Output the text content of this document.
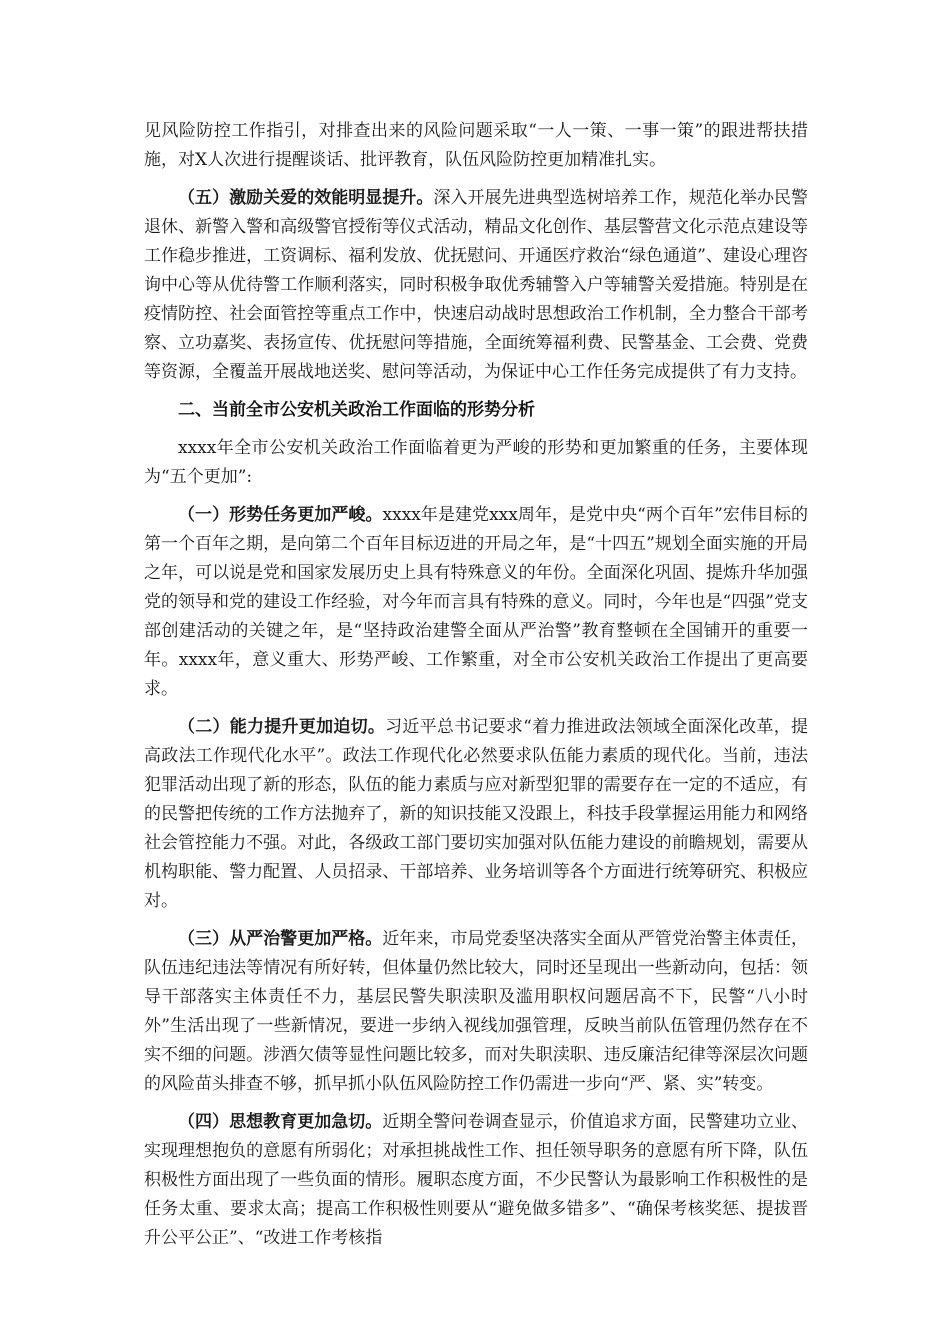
见风险防控工作指引，对排查出来的风险问题采取“一人一策、一事一策”的跟进帮扶措施，对X人次进行提醒谈话、批评教育，队伍风险防控更加精准扎实。

（五）激励关爱的效能明显提升。深入开展先进典型选树培养工作，规范化举办民警退休、新警入警和高级警官授衔等仪式活动，精品文化创作、基层警营文化示范点建设等工作稳步推进，工资调标、福利发放、优抚慰问、开通医疗救治“绿色通道”、建设心理咨询中心等从优待警工作顺利落实，同时积极争取优秀辅警入户等辅警关爱措施。特别是在疫情防控、社会面管控等重点工作中，快速启动战时思想政治工作机制，全力整合干部考察、立功嘉奖、表扬宣传、优抚慰问等措施，全面统筹福利费、民警基金、工会费、党费等资源，全覆盖开展战地送奖、慰问等活动，为保证中心工作任务完成提供了有力支持。

二、当前全市公安机关政治工作面临的形势分析

xxxx年全市公安机关政治工作面临着更为严峻的形势和更加繁重的任务，主要体现为“五个更加”:

（一）形势任务更加严峻。xxxx年是建党xxx周年，是党中央“两个百年”宏伟目标的第一个百年之期，是向第二个百年目标迈进的开局之年，是“十四五”规划全面实施的开局之年，可以说是党和国家发展历史上具有特殊意义的年份。全面深化巩固、提炼升华加强党的领导和党的建设工作经验，对今年而言具有特殊的意义。同时，今年也是“四强”党支部创建活动的关键之年，是“坚持政治建警全面从严治警”教育整顿在全国铺开的重要一年。xxxx年，意义重大、形势严峻、工作繁重，对全市公安机关政治工作提出了更高要求。

（二）能力提升更加迫切。习近平总书记要求“着力推进政法领域全面深化改革，提高政法工作现代化水平”。政法工作现代化必然要求队伍能力素质的现代化。当前，违法犯罪活动出现了新的形态，队伍的能力素质与应对新型犯罪的需要存在一定的不适应，有的民警把传统的工作方法抛弃了，新的知识技能又没跟上，科技手段掌握运用能力和网络社会管控能力不强。对此，各级政工部门要切实加强对队伍能力建设的前瞻规划，需要从机构职能、警力配置、人员招录、干部培养、业务培训等各个方面进行统筹研究、积极应对。

（三）从严治警更加严格。近年来，市局党委坚决落实全面从严管党治警主体责任，队伍违纪违法等情况有所好转，但体量仍然比较大，同时还呈现出一些新动向，包括：领导干部落实主体责任不力，基层民警失职渎职及滥用职权问题居高不下，民警“八小时外”生活出现了一些新情况，要进一步纳入视线加强管理，反映当前队伍管理仍然存在不实不细的问题。涉酒欠债等显性问题比较多，而对失职渎职、违反廉洁纪律等深层次问题的风险苗头排查不够，抓早抓小队伍风险防控工作仍需进一步向“严、紧、实”转变。

（四）思想教育更加急切。近期全警问卷调查显示，价值追求方面，民警建功立业、实现理想抱负的意愿有所弱化；对承担挑战性工作、担任领导职务的意愿有所下降，队伍积极性方面出现了一些负面的情形。履职态度方面，不少民警认为最影响工作积极性的是任务太重、要求太高；提高工作积极性则要从“避免做多错多”、“确保考核奖惩、提拔晋升公平公正”、“改进工作考核指
